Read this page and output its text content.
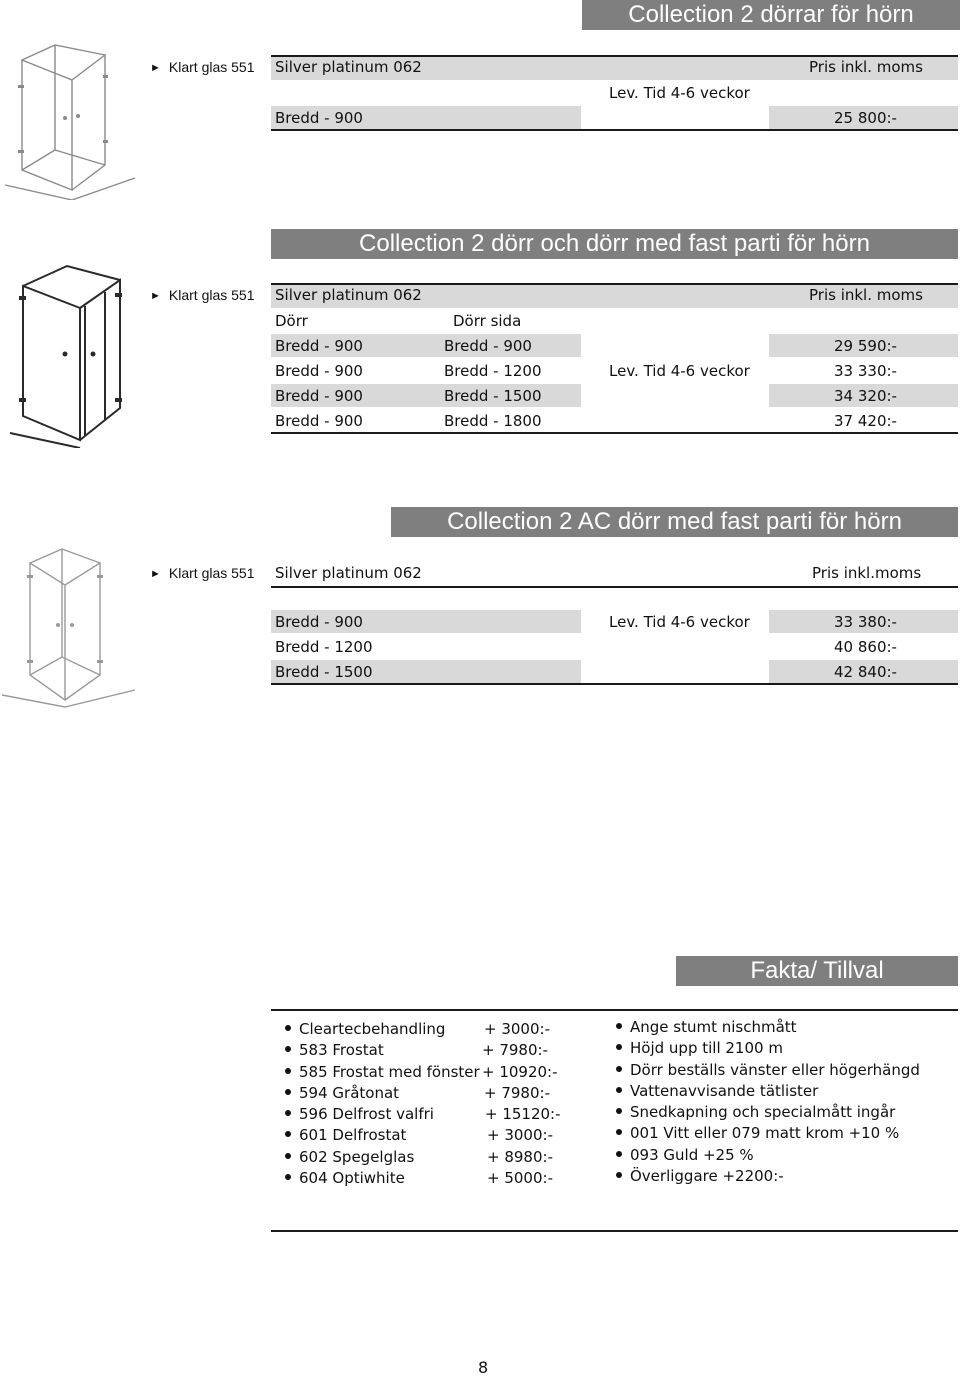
Collection 2 dörrar för hörn
► Klart glas 551 Silver platinum 062	Pris inkl. moms
Lev. Tid 4-6 veckor
Bredd - 900	25 800:-
Collection 2 dörr och dörr med fast parti för hörn
► Klart glas 551 Silver platinum 062	Pris inkl. moms
Dörr	Dörr sida
Bredd - 900	Bredd - 900	29 590:-
Bredd - 900	Bredd - 1200	Lev. Tid 4-6 veckor	33 330:-
Bredd - 900	Bredd - 1500	34 320:-
Bredd - 900	Bredd - 1800	37 420:-
Collection 2 AC dörr med fast parti för hörn
► Klart glas 551 Silver platinum 062	Pris inkl.moms
Bredd - 900	Lev. Tid 4-6 veckor	33 380:-
Bredd - 1200	40 860:-
Bredd - 1500	42 840:-
Fakta/ Tillval
Cleartecbehandling	+ 3000:-
583 Frostat	+ 7980:-
585 Frostat med fönster + 10920:-
594 Gråtonat	+ 7980:-
596 Delfrost valfri	+ 15120:-
601 Delfrostat	+ 3000:-
602 Spegelglas	+ 8980:-
604 Optiwhite	+ 5000:-
Ange stumt nischmått
Höjd upp till 2100 m
Dörr beställs vänster eller högerhängd
Vattenavvisande tätlister
Snedkapning och specialmått ingår
001 Vitt eller 079 matt krom +10 %
093 Guld +25 %
Överliggare +2200:-
8
